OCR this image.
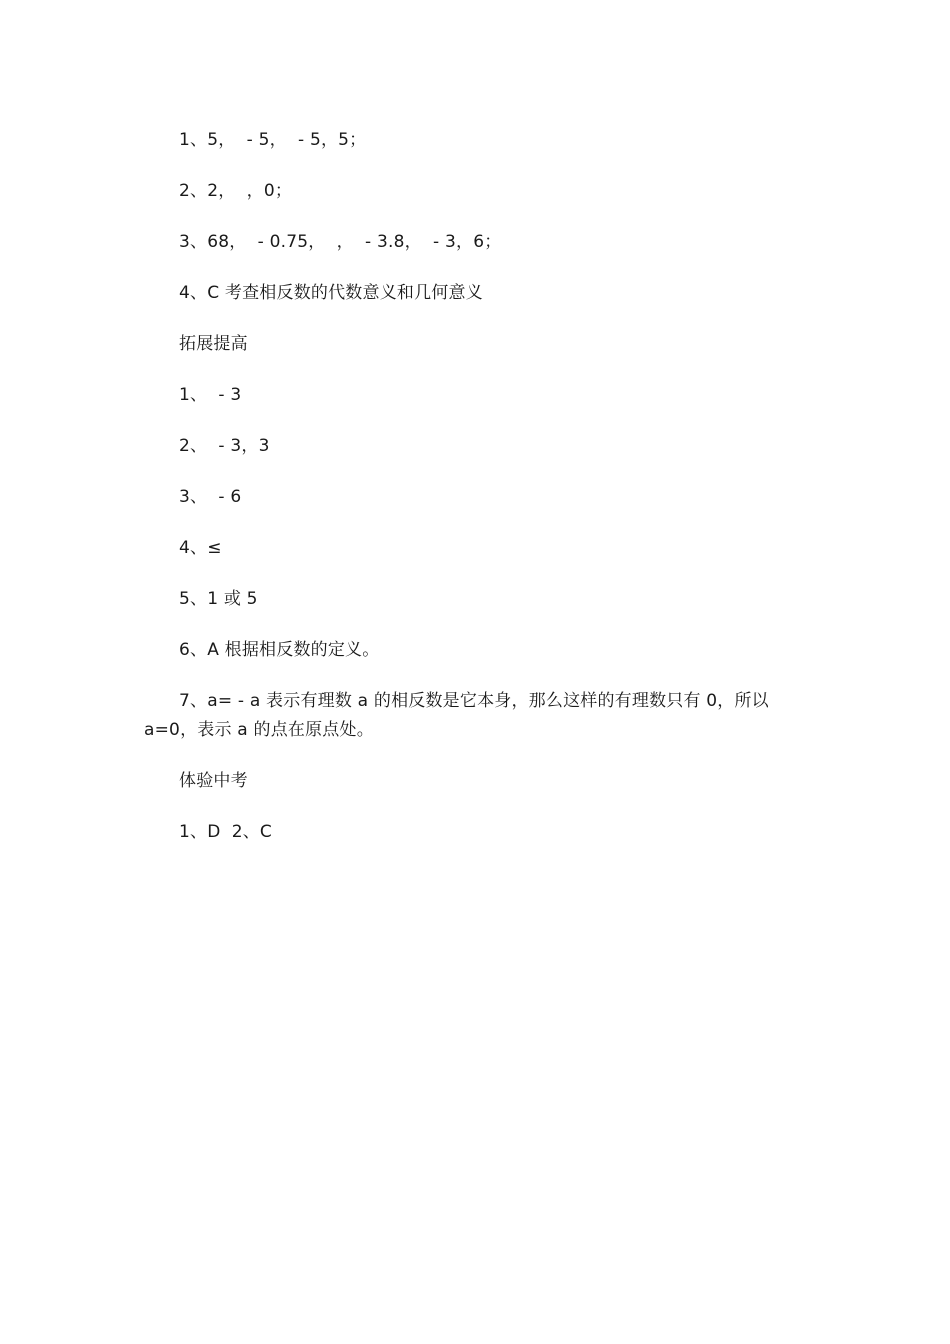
1、5，  - 5，  - 5，5；
2、2，  ，0；
3、68，  - 0.75，  ，  - 3.8，  - 3，6；
4、C 考查相反数的代数意义和几何意义
拓展提高
1、  - 3
2、  - 3，3
3、  - 6
4、≤
5、1 或 5
6、A 根据相反数的定义。
7、a= - a 表示有理数 a 的相反数是它本身，那么这样的有理数只有 0，所以 a=0，表示 a 的点在原点处。
体验中考
1、D  2、C
